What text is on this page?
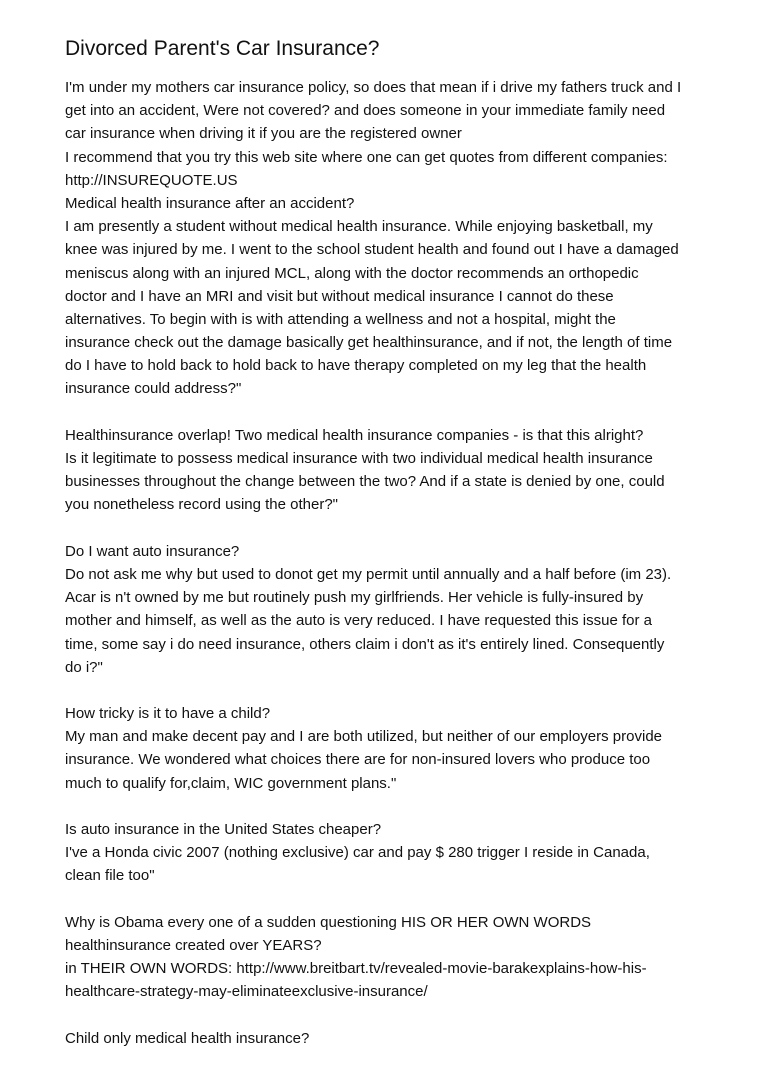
Divorced Parent's Car Insurance?
I'm under my mothers car insurance policy, so does that mean if i drive my fathers truck and I
get into an accident, Were not covered? and does someone in your immediate family need
car insurance when driving it if you are the registered owner
I recommend that you try this web site where one can get quotes from different companies:
http://INSUREQUOTE.US
Medical health insurance after an accident?
I am presently a student without medical health insurance. While enjoying basketball, my
knee was injured by me. I went to the school student health and found out I have a damaged
meniscus along with an injured MCL, along with the doctor recommends an orthopedic
doctor and I have an MRI and visit but without medical insurance I cannot do these
alternatives. To begin with is with attending a wellness and not a hospital, might the
insurance check out the damage basically get healthinsurance, and if not, the length of time
do I have to hold back to hold back to have therapy completed on my leg that the health
insurance could address?"
Healthinsurance overlap! Two medical health insurance companies - is that this alright?
Is it legitimate to possess medical insurance with two individual medical health insurance
businesses throughout the change between the two? And if a state is denied by one, could
you nonetheless record using the other?"
Do I want auto insurance?
Do not ask me why but used to donot get my permit until annually and a half before (im 23).
Acar is n't owned by me but routinely push my girlfriends. Her vehicle is fully-insured by
mother and himself, as well as the auto is very reduced. I have requested this issue for a
time, some say i do need insurance, others claim i don't as it's entirely lined. Consequently
do i?"
How tricky is it to have a child?
My man and make decent pay and I are both utilized, but neither of our employers provide
insurance. We wondered what choices there are for non-insured lovers who produce too
much to qualify for,claim, WIC government plans."
Is auto insurance in the United States cheaper?
I've a Honda civic 2007 (nothing exclusive) car and pay $ 280 trigger I reside in Canada,
clean file too"
Why is Obama every one of a sudden questioning HIS OR HER OWN WORDS
healthinsurance created over YEARS?
in THEIR OWN WORDS: http://www.breitbart.tv/revealed-movie-barakexplains-how-his-
healthcare-strategy-may-eliminateexclusive-insurance/
Child only medical health insurance?
